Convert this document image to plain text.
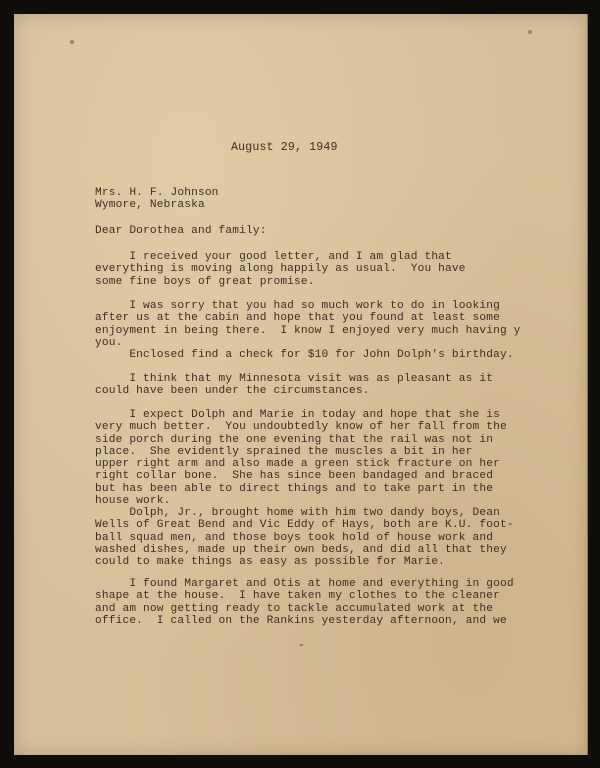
August 29, 1949
Mrs. H. F. Johnson
Wymore, Nebraska
Dear Dorothea and family:
I received your good letter, and I am glad that
everything is moving along happily as usual.  You have
some fine boys of great promise.
I was sorry that you had so much work to do in looking
after us at the cabin and hope that you found at least some
enjoyment in being there.  I know I enjoyed very much having y
you.
Enclosed find a check for $10 for John Dolph's birthday.
I think that my Minnesota visit was as pleasant as it
could have been under the circumstances.
I expect Dolph and Marie in today and hope that she is
very much better.  You undoubtedly know of her fall from the
side porch during the one evening that the rail was not in
place.  She evidently sprained the muscles a bit in her
upper right arm and also made a green stick fracture on her
right collar bone.  She has since been bandaged and braced
but has been able to direct things and to take part in the
house work.
Dolph, Jr., brought home with him two dandy boys, Dean
Wells of Great Bend and Vic Eddy of Hays, both are K.U. foot-
ball squad men, and those boys took hold of house work and
washed dishes, made up their own beds, and did all that they
could to make things as easy as possible for Marie.
I found Margaret and Otis at home and everything in good
shape at the house.  I have taken my clothes to the cleaner
and am now getting ready to tackle accumulated work at the
office.  I called on the Rankins yesterday afternoon, and we
-
